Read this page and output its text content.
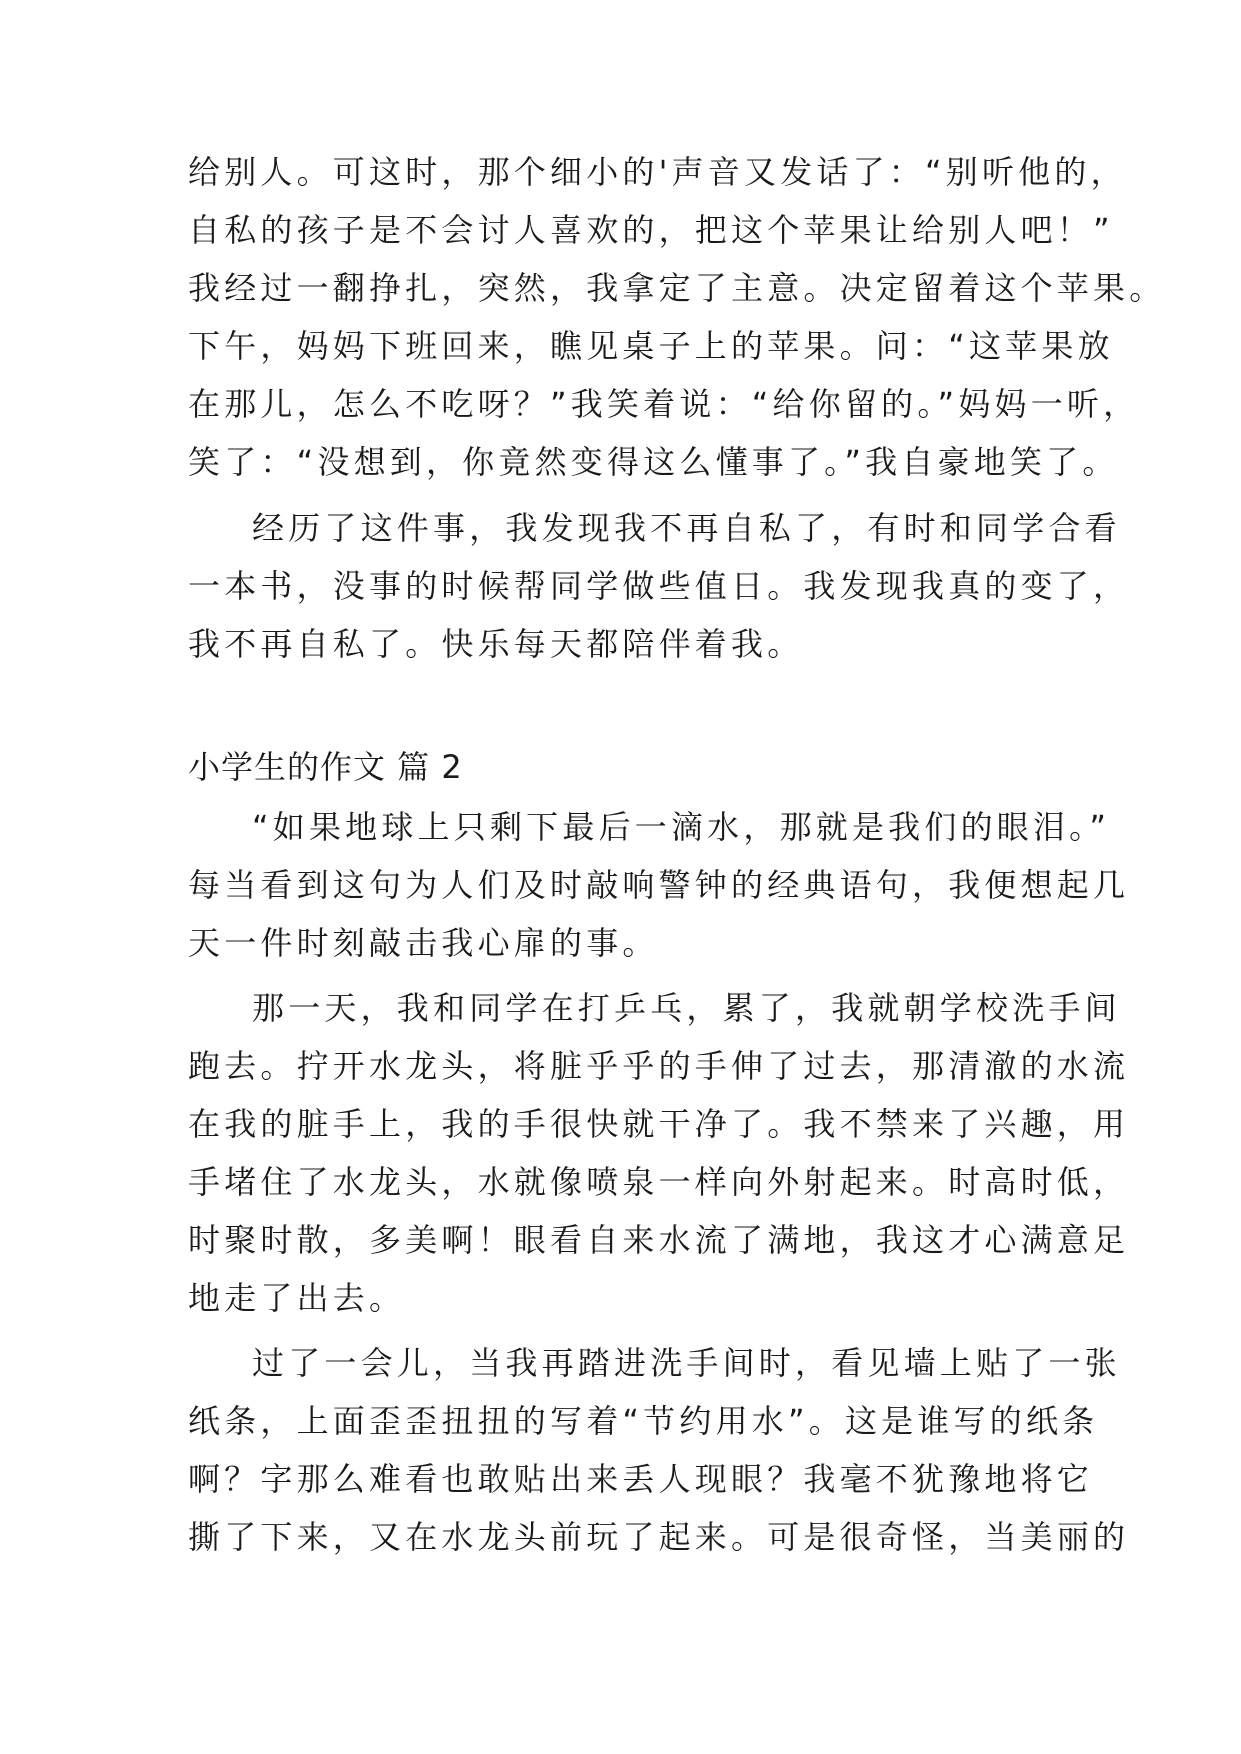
给别人。可这时，那个细小的'声音又发话了：“别听他的，

自私的孩子是不会讨人喜欢的，把这个苹果让给别人吧！”

我经过一翻挣扎，突然，我拿定了主意。决定留着这个苹果。

下午，妈妈下班回来，瞧见桌子上的苹果。问：“这苹果放

在那儿，怎么不吃呀？”我笑着说：“给你留的。”妈妈一听，

笑了：“没想到，你竟然变得这么懂事了。”我自豪地笑了。

经历了这件事，我发现我不再自私了，有时和同学合看

一本书，没事的时候帮同学做些值日。我发现我真的变了，

我不再自私了。快乐每天都陪伴着我。

小学生的作文 篇 2

“如果地球上只剩下最后一滴水，那就是我们的眼泪。”

每当看到这句为人们及时敲响警钟的经典语句，我便想起几

天一件时刻敲击我心扉的事。

那一天，我和同学在打乒乓，累了，我就朝学校洗手间

跑去。拧开水龙头，将脏乎乎的手伸了过去，那清澈的水流

在我的脏手上，我的手很快就干净了。我不禁来了兴趣，用

手堵住了水龙头，水就像喷泉一样向外射起来。时高时低，

时聚时散，多美啊！眼看自来水流了满地，我这才心满意足

地走了出去。

过了一会儿，当我再踏进洗手间时，看见墙上贴了一张

纸条，上面歪歪扭扭的写着“节约用水”。这是谁写的纸条

啊？字那么难看也敢贴出来丢人现眼？我毫不犹豫地将它

撕了下来，又在水龙头前玩了起来。可是很奇怪，当美丽的
